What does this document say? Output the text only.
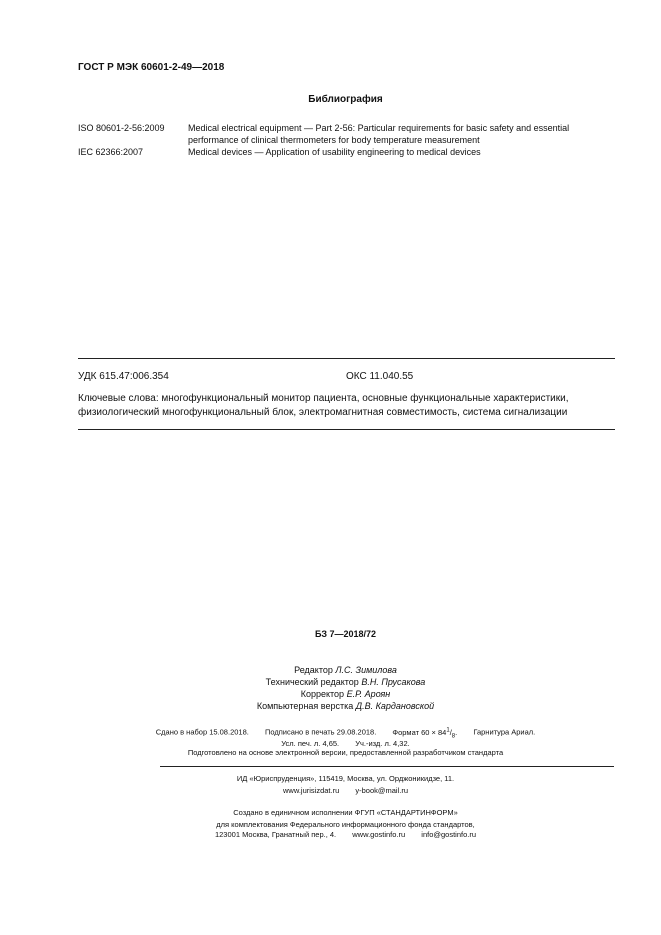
ГОСТ Р МЭК 60601-2-49—2018
Библиография
ISO 80601-2-56:2009	Medical electrical equipment — Part 2-56: Particular requirements for basic safety and essential performance of clinical thermometers for body temperature measurement
IEC 62366:2007	Medical devices — Application of usability engineering to medical devices
УДК 615.47:006.354	ОКС 11.040.55
Ключевые слова: многофункциональный монитор пациента, основные функциональные характеристики, физиологический многофункциональный блок, электромагнитная совместимость, система сигнализации
БЗ 7—2018/72
Редактор Л.С. Зимилова
Технический редактор В.Н. Прусакова
Корректор Е.Р. Ароян
Компьютерная верстка Д.В. Кардановской
Сдано в набор 15.08.2018. Подписано в печать 29.08.2018. Формат $60 \times 84^1/_8$. Гарнитура Ариал.
Усл. печ. л. 4,65. Уч.-изд. л. 4,32.
Подготовлено на основе электронной версии, предоставленной разработчиком стандарта
ИД «Юриспруденция», 115419, Москва, ул. Орджоникидзе, 11.
www.jurisizdat.ru y-book@mail.ru
Создано в единичном исполнении ФГУП «СТАНДАРТИНФОРМ»
для комплектования Федерального информационного фонда стандартов,
123001 Москва, Гранатный пер., 4. www.gostinfo.ru info@gostinfo.ru
